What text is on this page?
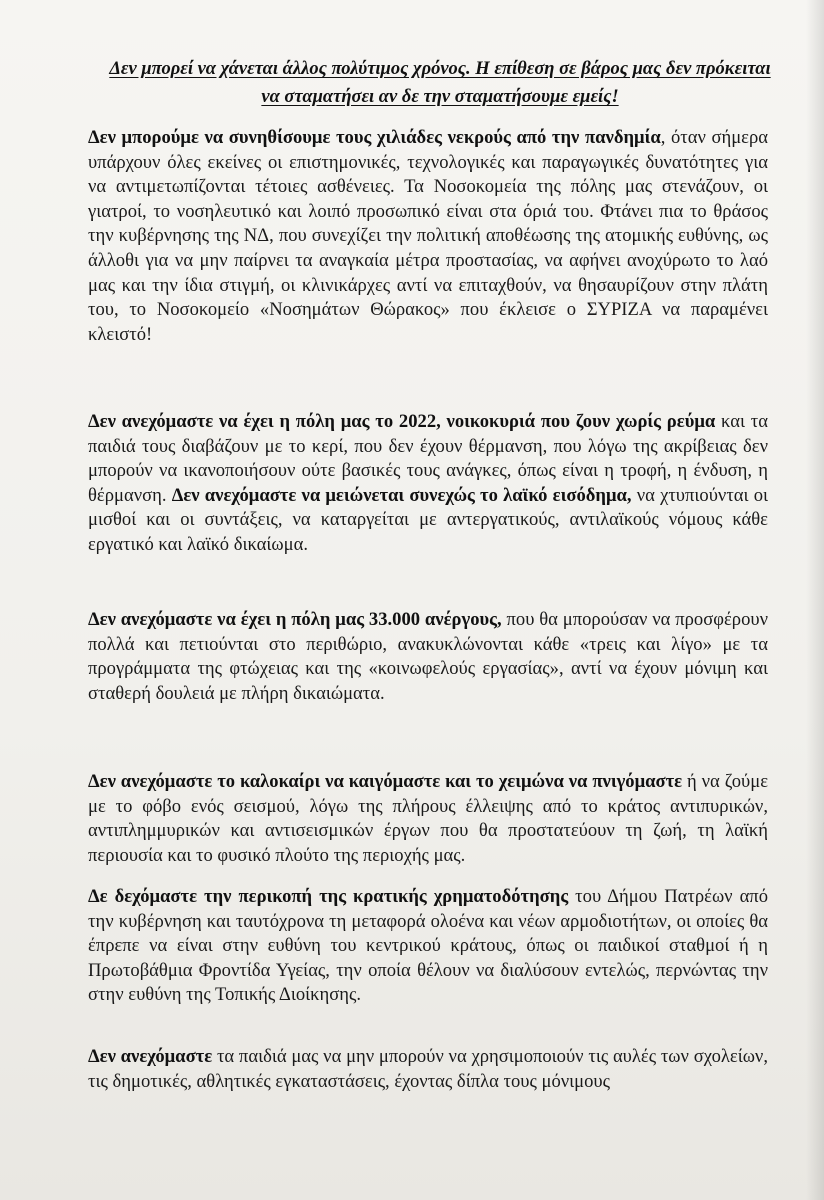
Δεν μπορεί να χάνεται άλλος πολύτιμος χρόνος. Η επίθεση σε βάρος μας δεν πρόκειται να σταματήσει αν δε την σταματήσουμε εμείς!
Δεν μπορούμε να συνηθίσουμε τους χιλιάδες νεκρούς από την πανδημία, όταν σήμερα υπάρχουν όλες εκείνες οι επιστημονικές, τεχνολογικές και παραγωγικές δυνατότητες για να αντιμετωπίζονται τέτοιες ασθένειες. Τα Νοσοκομεία της πόλης μας στενάζουν, οι γιατροί, το νοσηλευτικό και λοιπό προσωπικό είναι στα όριά του. Φτάνει πια το θράσος την κυβέρνησης της ΝΔ, που συνεχίζει την πολιτική αποθέωσης της ατομικής ευθύνης, ως άλλοθι για να μην παίρνει τα αναγκαία μέτρα προστασίας, να αφήνει ανοχύρωτο το λαό μας και την ίδια στιγμή, οι κλινικάρχες αντί να επιταχθούν, να θησαυρίζουν στην πλάτη του, το Νοσοκομείο «Νοσημάτων Θώρακος» που έκλεισε ο ΣΥΡΙΖΑ να παραμένει κλειστό!
Δεν ανεχόμαστε να έχει η πόλη μας το 2022, νοικοκυριά που ζουν χωρίς ρεύμα και τα παιδιά τους διαβάζουν με το κερί, που δεν έχουν θέρμανση, που λόγω της ακρίβειας δεν μπορούν να ικανοποιήσουν ούτε βασικές τους ανάγκες, όπως είναι η τροφή, η ένδυση, η θέρμανση. Δεν ανεχόμαστε να μειώνεται συνεχώς το λαϊκό εισόδημα, να χτυπιούνται οι μισθοί και οι συντάξεις, να καταργείται με αντεργατικούς, αντιλαϊκούς νόμους κάθε εργατικό και λαϊκό δικαίωμα.
Δεν ανεχόμαστε να έχει η πόλη μας 33.000 ανέργους, που θα μπορούσαν να προσφέρουν πολλά και πετιούνται στο περιθώριο, ανακυκλώνονται κάθε «τρεις και λίγο» με τα προγράμματα της φτώχειας και της «κοινωφελούς εργασίας», αντί να έχουν μόνιμη και σταθερή δουλειά με πλήρη δικαιώματα.
Δεν ανεχόμαστε το καλοκαίρι να καιγόμαστε και το χειμώνα να πνιγόμαστε ή να ζούμε με το φόβο ενός σεισμού, λόγω της πλήρους έλλειψης από το κράτος αντιπυρικών, αντιπλημμυρικών και αντισεισμικών έργων που θα προστατεύουν τη ζωή, τη λαϊκή περιουσία και το φυσικό πλούτο της περιοχής μας.
Δε δεχόμαστε την περικοπή της κρατικής χρηματοδότησης του Δήμου Πατρέων από την κυβέρνηση και ταυτόχρονα τη μεταφορά ολοένα και νέων αρμοδιοτήτων, οι οποίες θα έπρεπε να είναι στην ευθύνη του κεντρικού κράτους, όπως οι παιδικοί σταθμοί ή η Πρωτοβάθμια Φροντίδα Υγείας, την οποία θέλουν να διαλύσουν εντελώς, περνώντας την στην ευθύνη της Τοπικής Διοίκησης.
Δεν ανεχόμαστε τα παιδιά μας να μην μπορούν να χρησιμοποιούν τις αυλές των σχολείων, τις δημοτικές, αθλητικές εγκαταστάσεις, έχοντας δίπλα τους μόνιμους
